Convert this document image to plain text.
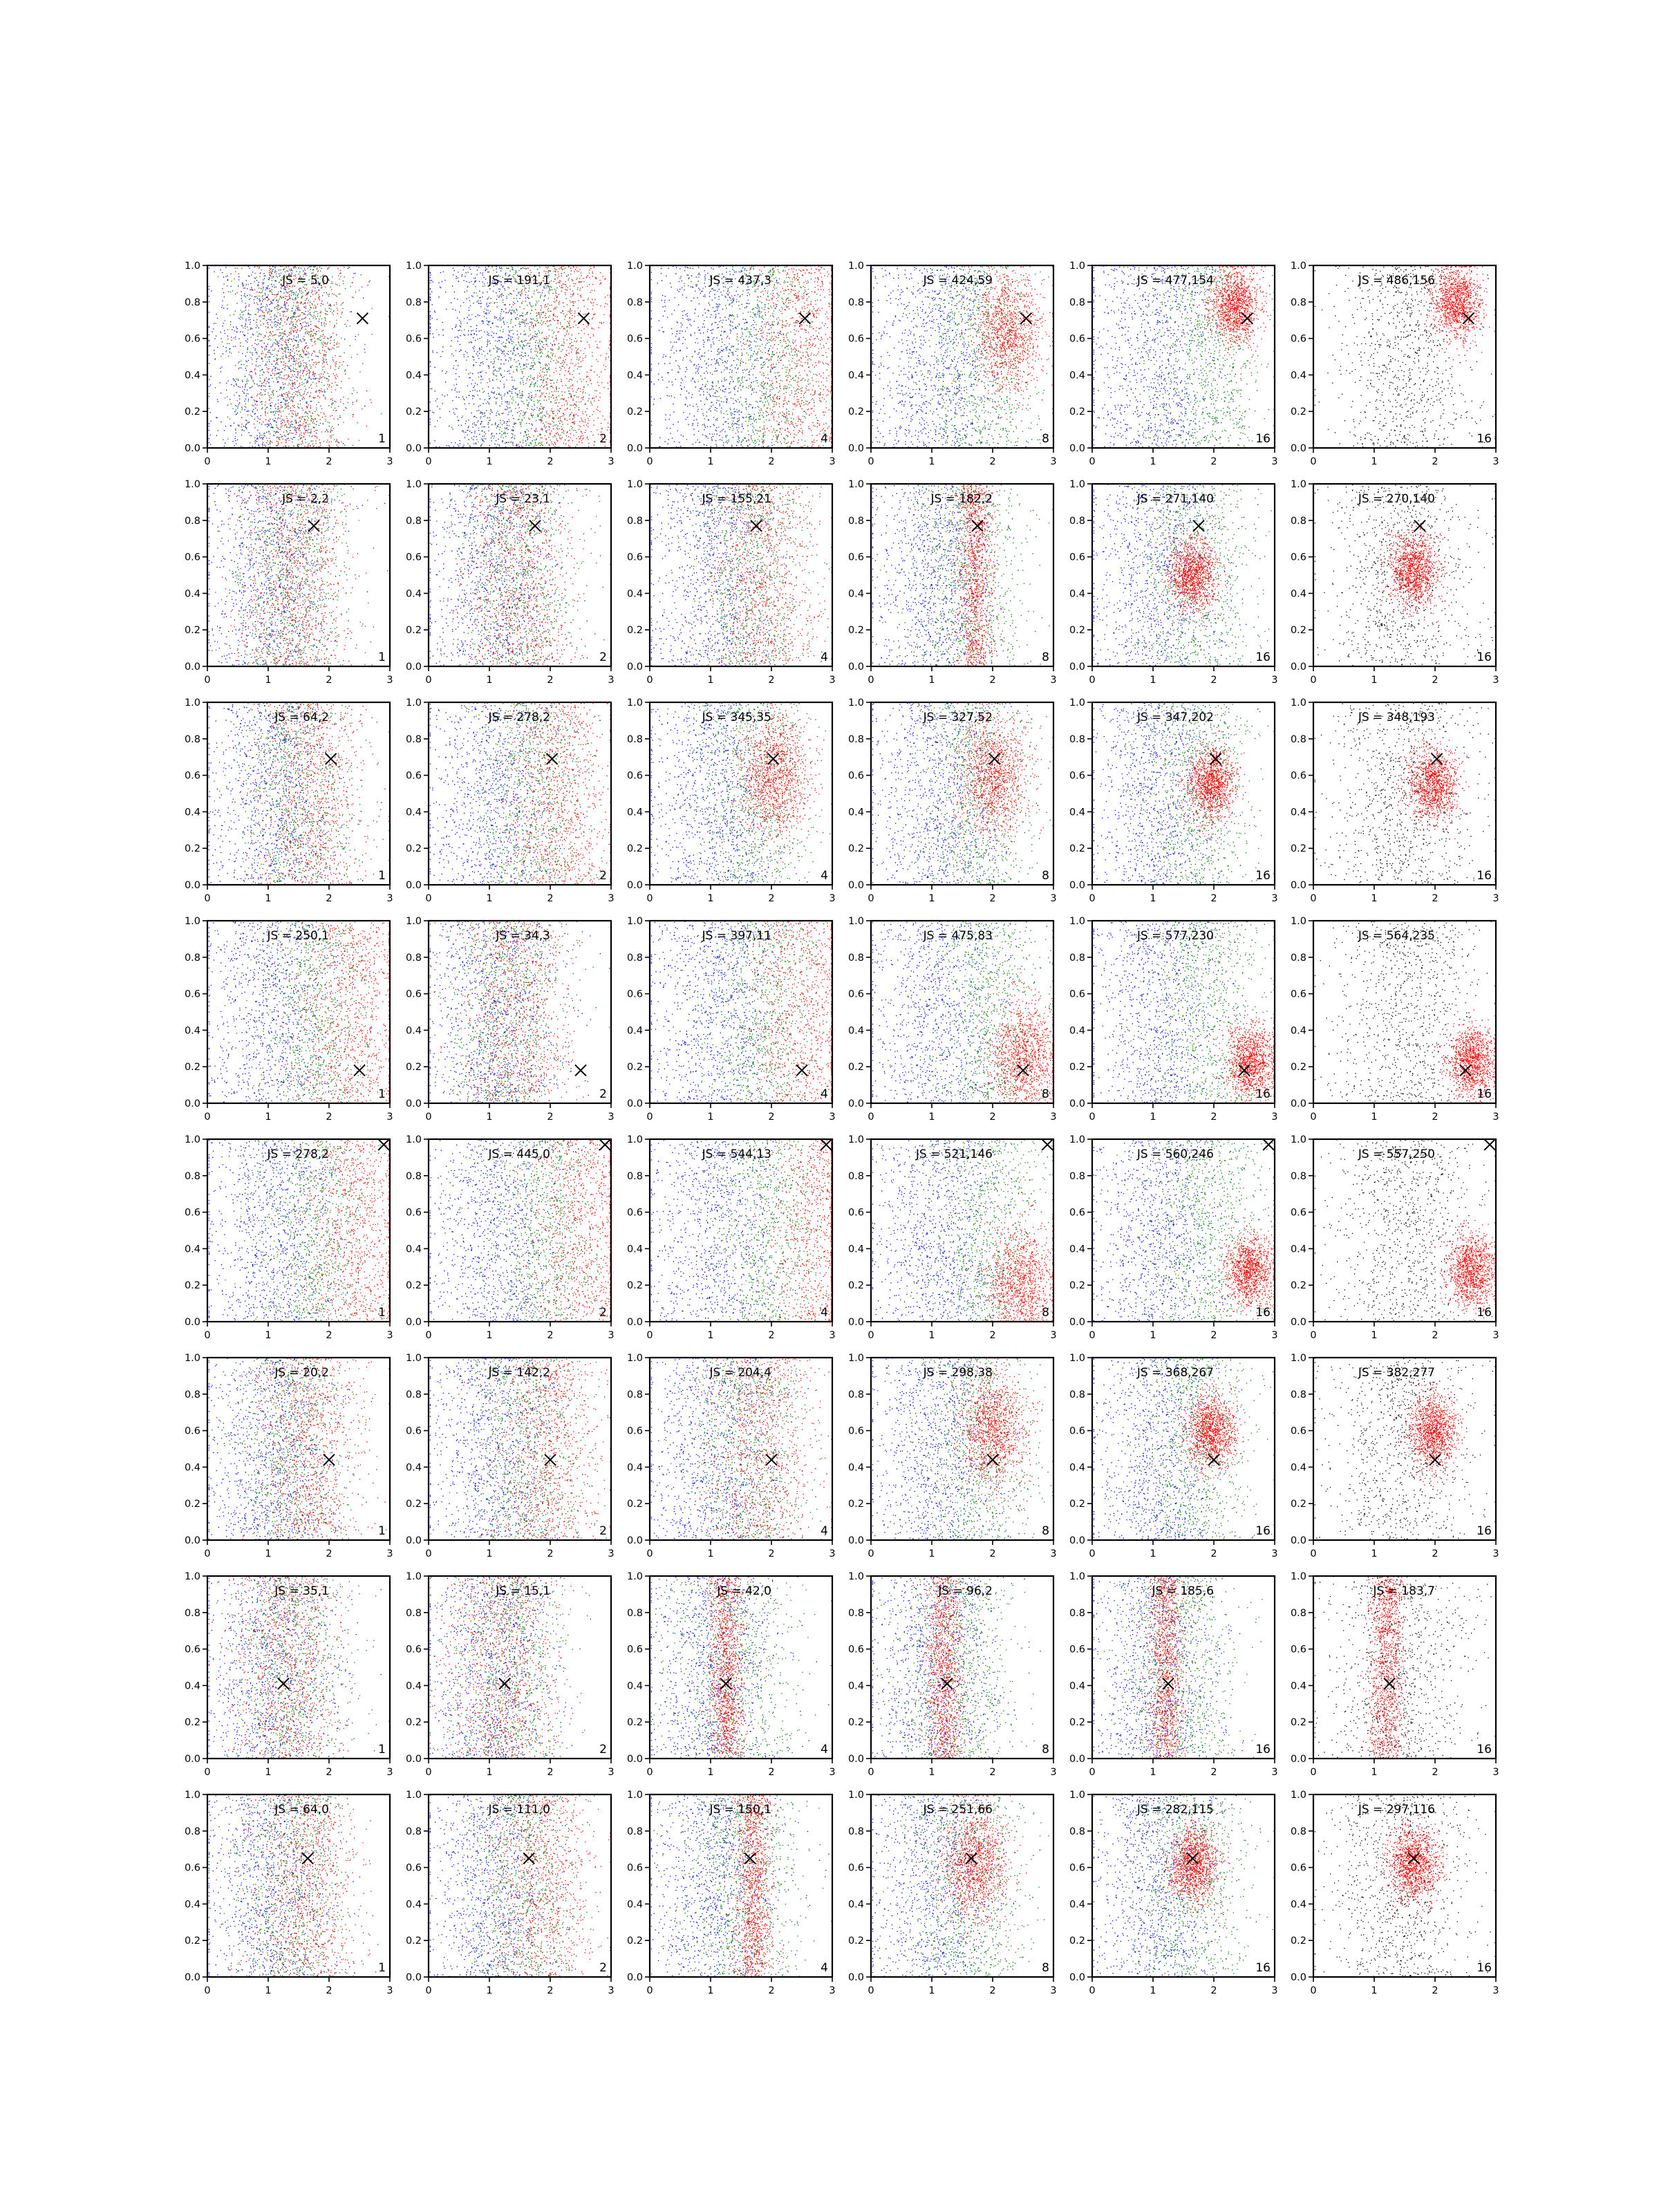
0	1	2	3
0.0
0.2
0.4
0.6
0.8
1.0
JS = 5,0
1
0	1	2	3
0.0
0.2
0.4
0.6
0.8
1.0
JS = 191,1
2
0	1	2	3
0.0
0.2
0.4
0.6
0.8
1.0
JS = 437,3
4
0	1	2	3
0.0
0.2
0.4
0.6
0.8
1.0
JS = 424,59
8
0	1	2	3
0.0
0.2
0.4
0.6
0.8
1.0
JS = 477,154
16
0	1	2	3
0.0
0.2
0.4
0.6
0.8
1.0
JS = 486,156
16
0	1	2	3
0.0
0.2
0.4
0.6
0.8
1.0
JS = 2,2
1
0	1	2	3
0.0
0.2
0.4
0.6
0.8
1.0
JS = 23,1
2
0	1	2	3
0.0
0.2
0.4
0.6
0.8
1.0
JS = 155,21
4
0	1	2	3
0.0
0.2
0.4
0.6
0.8
1.0
JS = 182,2
8
0	1	2	3
0.0
0.2
0.4
0.6
0.8
1.0
JS = 271,140
16
0	1	2	3
0.0
0.2
0.4
0.6
0.8
1.0
JS = 270,140
16
0	1	2	3
0.0
0.2
0.4
0.6
0.8
1.0
JS = 64,2
1
0	1	2	3
0.0
0.2
0.4
0.6
0.8
1.0
JS = 278,2
2
0	1	2	3
0.0
0.2
0.4
0.6
0.8
1.0
JS = 345,35
4
0	1	2	3
0.0
0.2
0.4
0.6
0.8
1.0
JS = 327,52
8
0	1	2	3
0.0
0.2
0.4
0.6
0.8
1.0
JS = 347,202
16
0	1	2	3
0.0
0.2
0.4
0.6
0.8
1.0
JS = 348,193
16
0	1	2	3
0.0
0.2
0.4
0.6
0.8
1.0
JS = 250,1
1
0	1	2	3
0.0
0.2
0.4
0.6
0.8
1.0
JS = 34,3
2
0	1	2	3
0.0
0.2
0.4
0.6
0.8
1.0
JS = 397,11
4
0	1	2	3
0.0
0.2
0.4
0.6
0.8
1.0
JS = 475,83
8
0	1	2	3
0.0
0.2
0.4
0.6
0.8
1.0
JS = 577,230
16
0	1	2	3
0.0
0.2
0.4
0.6
0.8
1.0
JS = 564,235
16
0	1	2	3
0.0
0.2
0.4
0.6
0.8
1.0
JS = 278,2
1
0	1	2	3
0.0
0.2
0.4
0.6
0.8
1.0
JS = 445,0
2
0	1	2	3
0.0
0.2
0.4
0.6
0.8
1.0
JS = 544,13
4
0	1	2	3
0.0
0.2
0.4
0.6
0.8
1.0
JS = 521,146
8
0	1	2	3
0.0
0.2
0.4
0.6
0.8
1.0
JS = 560,246
16
0	1	2	3
0.0
0.2
0.4
0.6
0.8
1.0
JS = 557,250
16
0	1	2	3
0.0
0.2
0.4
0.6
0.8
1.0
JS = 20,2
1
0	1	2	3
0.0
0.2
0.4
0.6
0.8
1.0
JS = 142,2
2
0	1	2	3
0.0
0.2
0.4
0.6
0.8
1.0
JS = 204,4
4
0	1	2	3
0.0
0.2
0.4
0.6
0.8
1.0
JS = 298,38
8
0	1	2	3
0.0
0.2
0.4
0.6
0.8
1.0
JS = 368,267
16
0	1	2	3
0.0
0.2
0.4
0.6
0.8
1.0
JS = 382,277
16
0	1	2	3
0.0
0.2
0.4
0.6
0.8
1.0
JS = 35,1
1
0	1	2	3
0.0
0.2
0.4
0.6
0.8
1.0
JS = 15,1
2
0	1	2	3
0.0
0.2
0.4
0.6
0.8
1.0
JS = 42,0
4
0	1	2	3
0.0
0.2
0.4
0.6
0.8
1.0
JS = 96,2
8
0	1	2	3
0.0
0.2
0.4
0.6
0.8
1.0
JS = 185,6
16
0	1	2	3
0.0
0.2
0.4
0.6
0.8
1.0
JS = 183,7
16
0	1	2	3
0.0
0.2
0.4
0.6
0.8
1.0
JS = 64,0
1
0	1	2	3
0.0
0.2
0.4
0.6
0.8
1.0
JS = 111,0
2
0	1	2	3
0.0
0.2
0.4
0.6
0.8
1.0
JS = 150,1
4
0	1	2	3
0.0
0.2
0.4
0.6
0.8
1.0
JS = 251,66
8
0	1	2	3
0.0
0.2
0.4
0.6
0.8
1.0
JS = 282,115
16
0	1	2	3
0.0
0.2
0.4
0.6
0.8
1.0
JS = 297,116
16
